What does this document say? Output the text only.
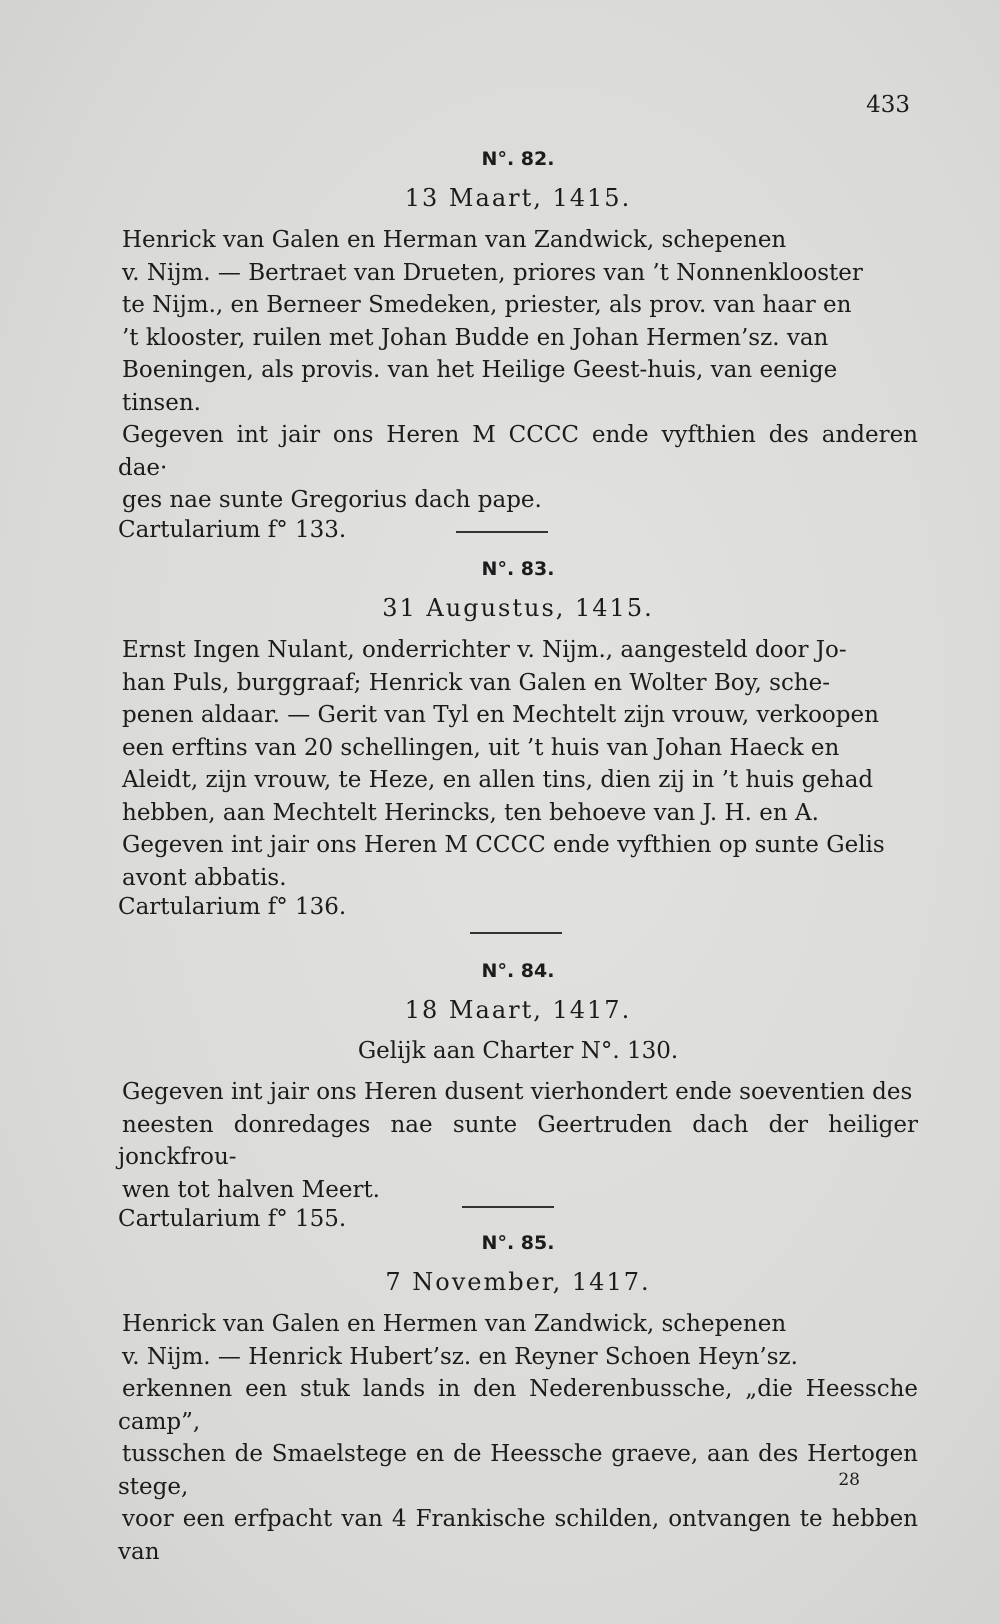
433
N°. 82.
13 Maart, 1415.
Henrick van Galen en Herman van Zandwick, schepenen
v. Nijm. — Bertraet van Drueten, priores van ’t Nonnenklooster
te Nijm., en Berneer Smedeken, priester, als prov. van haar en
’t klooster, ruilen met Johan Budde en Johan Hermen’sz. van
Boeningen, als provis. van het Heilige Geest-huis, van eenige
tinsen.
Gegeven int jair ons Heren M CCCC ende vyfthien des anderen dae·
ges nae sunte Gregorius dach pape.
Cartularium f° 133.
N°. 83.
31 Augustus, 1415.
Ernst Ingen Nulant, onderrichter v. Nijm., aangesteld door Jo-
han Puls, burggraaf; Henrick van Galen en Wolter Boy, sche-
penen aldaar. — Gerit van Tyl en Mechtelt zijn vrouw, verkoopen
een erftins van 20 schellingen, uit ’t huis van Johan Haeck en
Aleidt, zijn vrouw, te Heze, en allen tins, dien zij in ’t huis gehad
hebben, aan Mechtelt Herincks, ten behoeve van J. H. en A.
Gegeven int jair ons Heren M CCCC ende vyfthien op sunte Gelis
avont abbatis.
Cartularium f° 136.
N°. 84.
18 Maart, 1417.
Gelijk aan Charter N°. 130.
Gegeven int jair ons Heren dusent vierhondert ende soeventien des
neesten donredages nae sunte Geertruden dach der heiliger jonckfrou-
wen tot halven Meert.
Cartularium f° 155.
N°. 85.
7 November, 1417.
Henrick van Galen en Hermen van Zandwick, schepenen
v. Nijm. — Henrick Hubert’sz. en Reyner Schoen Heyn’sz.
erkennen een stuk lands in den Nederenbussche, „die Heessche camp”,
tusschen de Smaelstege en de Heessche graeve, aan des Hertogen stege,
voor een erfpacht van 4 Frankische schilden, ontvangen te hebben van
28
